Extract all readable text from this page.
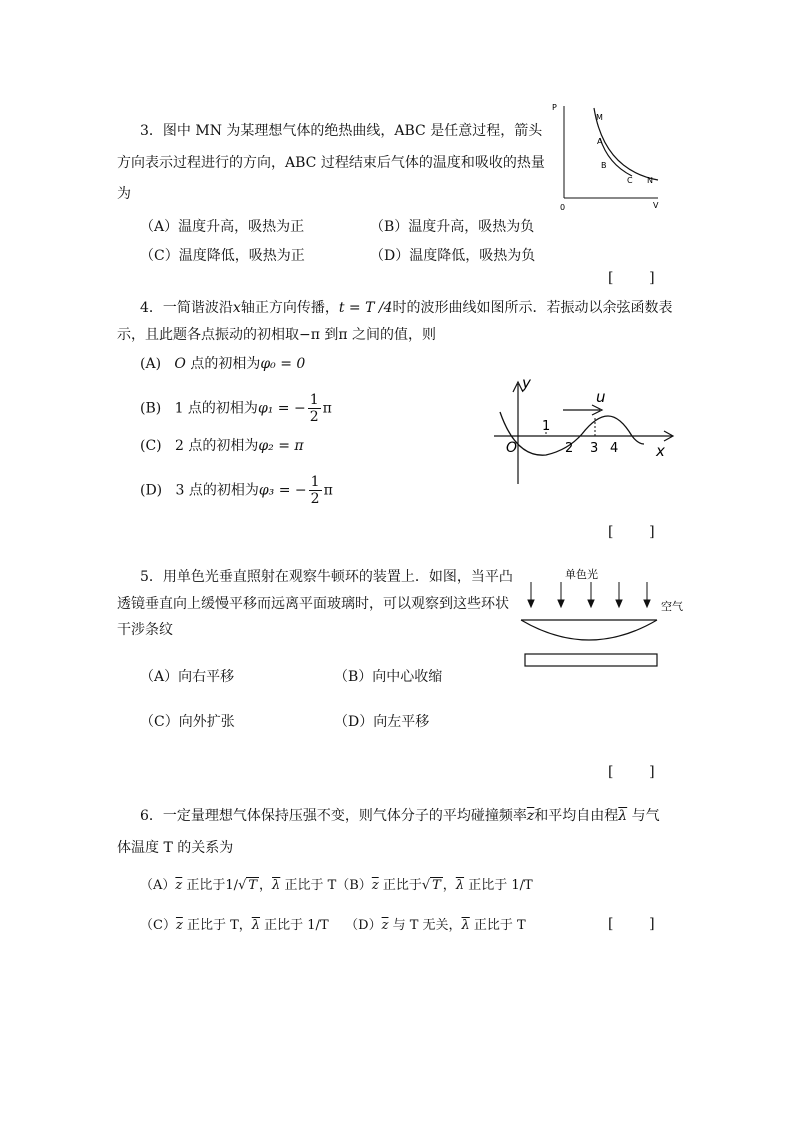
3．图中 MN 为某理想气体的绝热曲线，ABC 是任意过程，箭头
方向表示过程进行的方向，ABC 过程结束后气体的温度和吸收的热量
为
（A）温度升高，吸热为正	（B）温度升高，吸热为负
（C）温度降低，吸热为正	（D）温度降低，吸热为负
[        ]
P
V
0
M
A
B
C N
4．一简谐波沿x轴正方向传播，t = T /4时的波形曲线如图所示．若振动以余弦函数表
示，且此题各点振动的初相取−π 到π 之间的值，则
(A) O 点的初相为φ₀ = 0
(B) 1 点的初相为φ₁ = − $\frac{1}{2}$ π
(C) 2 点的初相为φ₂ = π
(D) 3 点的初相为φ₃ = − $\frac{1}{2}$ π
[        ]
y
u
O
1
2 3 4	x
5．用单色光垂直照射在观察牛顿环的装置上．如图，当平凸
透镜垂直向上缓慢平移而远离平面玻璃时，可以观察到这些环状
干涉条纹
（A）向右平移	（B）向中心收缩
（C）向外扩张	（D）向左平移
[        ]
单色光
空气
6．一定量理想气体保持压强不变，则气体分子的平均碰撞频率$\overline{z}$和平均自由程$\overline{\lambda}$ 与气
体温度 T 的关系为
$(A)\overline{z}$ 正比于1/√ T ，$\overline{\lambda}$ 正比于 $T(B)\overline{z}$ 正比于√ T ，$\overline{\lambda}$ 正比于 1/T
$(C)\overline{z}$ 正比于 T，$\overline{\lambda}$ 正比于 1/T $(D)\overline{z}$ 与 T 无关，$\overline{\lambda}$ 正比于 T	[        ]
